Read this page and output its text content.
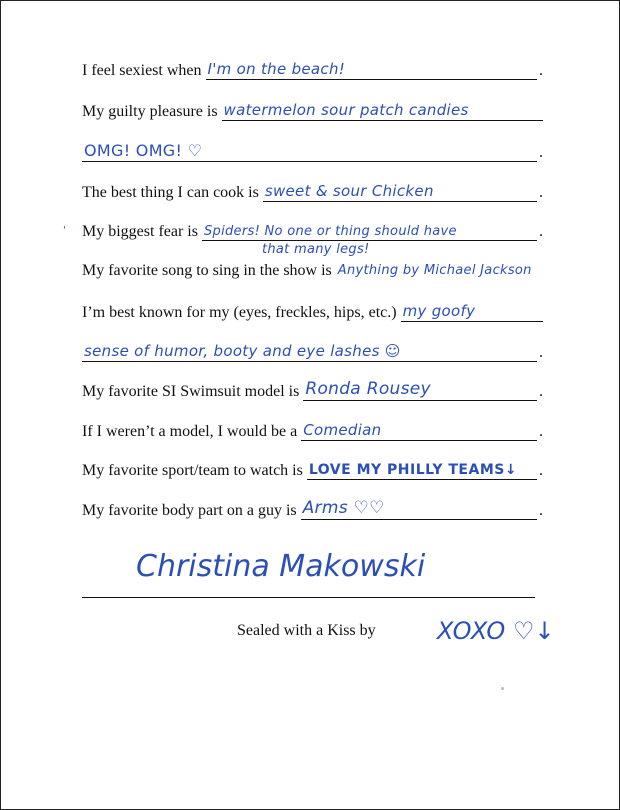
I feel sexiest when I'm on the beach!	.
My guilty pleasure is watermelon sour patch candies
OMG! OMG! ♡	.
The best thing I can cook is sweet & sour Chicken	.
' My biggest fear is Spiders! No one or thing should have
that many legs!
.
My favorite song to sing in the show is Anything by Michael Jackson
I’m best known for my (eyes, freckles, hips, etc.) my goofy
sense of humor, booty and eye lashes ☺	.
My favorite SI Swimsuit model is Ronda Rousey	.
If I weren’t a model, I would be a Comedian	.
My favorite sport/team to watch is LOVE MY PHILLY TEAMS↓ .
My favorite body part on a guy is Arms ♡♡	.
Christina Makowski
Sealed with a Kiss by	XOXO ♡↓
